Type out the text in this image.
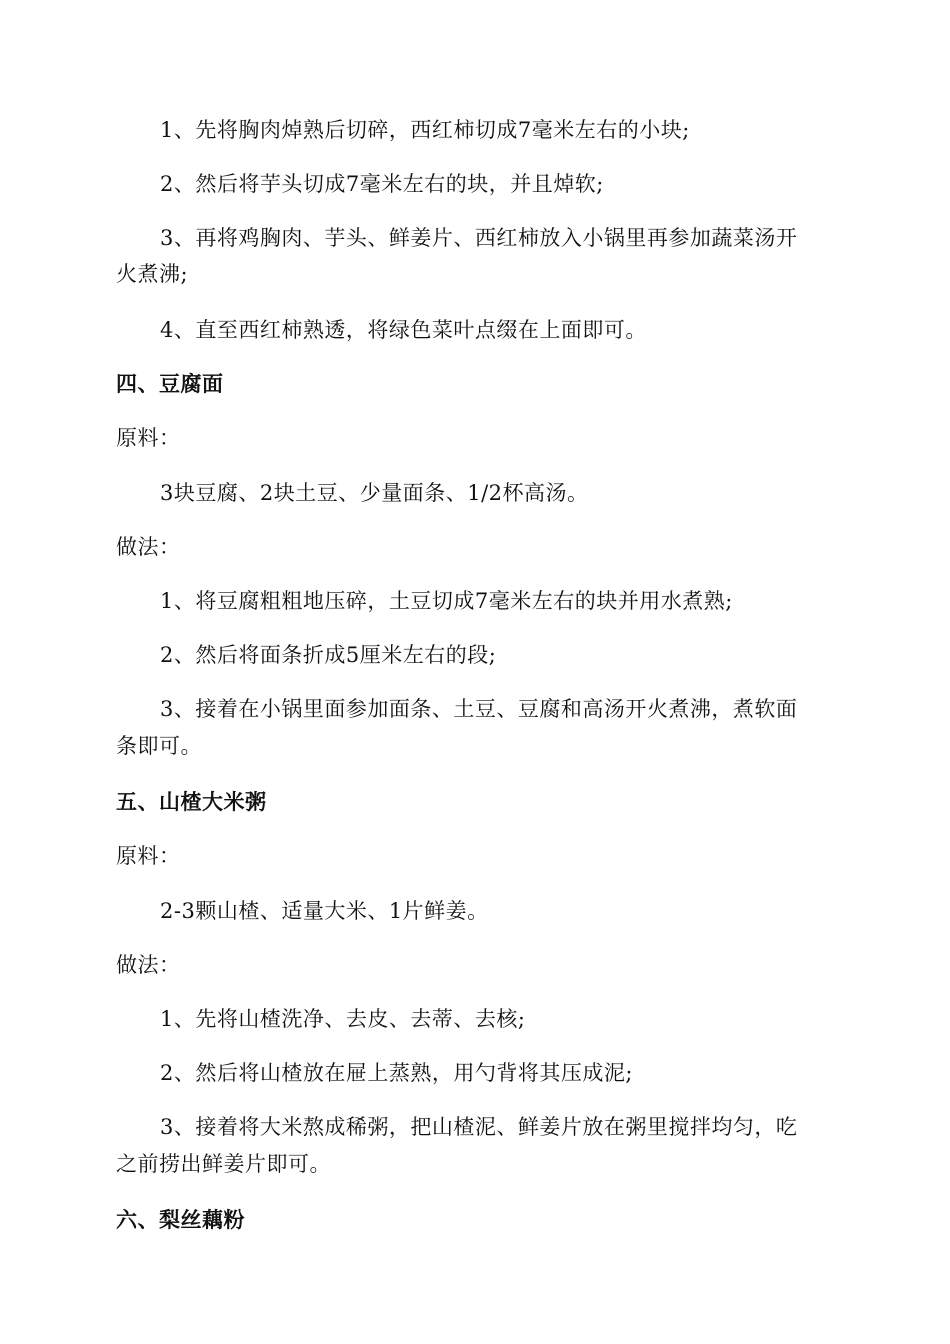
1、先将胸肉焯熟后切碎，西红柿切成7毫米左右的小块;
2、然后将芋头切成7毫米左右的块，并且焯软;
3、再将鸡胸肉、芋头、鲜姜片、西红柿放入小锅里再参加蔬菜汤开
火煮沸;
4、直至西红柿熟透，将绿色菜叶点缀在上面即可。
四、豆腐面
原料：
3块豆腐、2块土豆、少量面条、1/2杯高汤。
做法：
1、将豆腐粗粗地压碎，土豆切成7毫米左右的块并用水煮熟;
2、然后将面条折成5厘米左右的段;
3、接着在小锅里面参加面条、土豆、豆腐和高汤开火煮沸，煮软面
条即可。
五、山楂大米粥
原料：
2-3颗山楂、适量大米、1片鲜姜。
做法：
1、先将山楂洗净、去皮、去蒂、去核;
2、然后将山楂放在屉上蒸熟，用勺背将其压成泥;
3、接着将大米熬成稀粥，把山楂泥、鲜姜片放在粥里搅拌均匀，吃
之前捞出鲜姜片即可。
六、梨丝藕粉
